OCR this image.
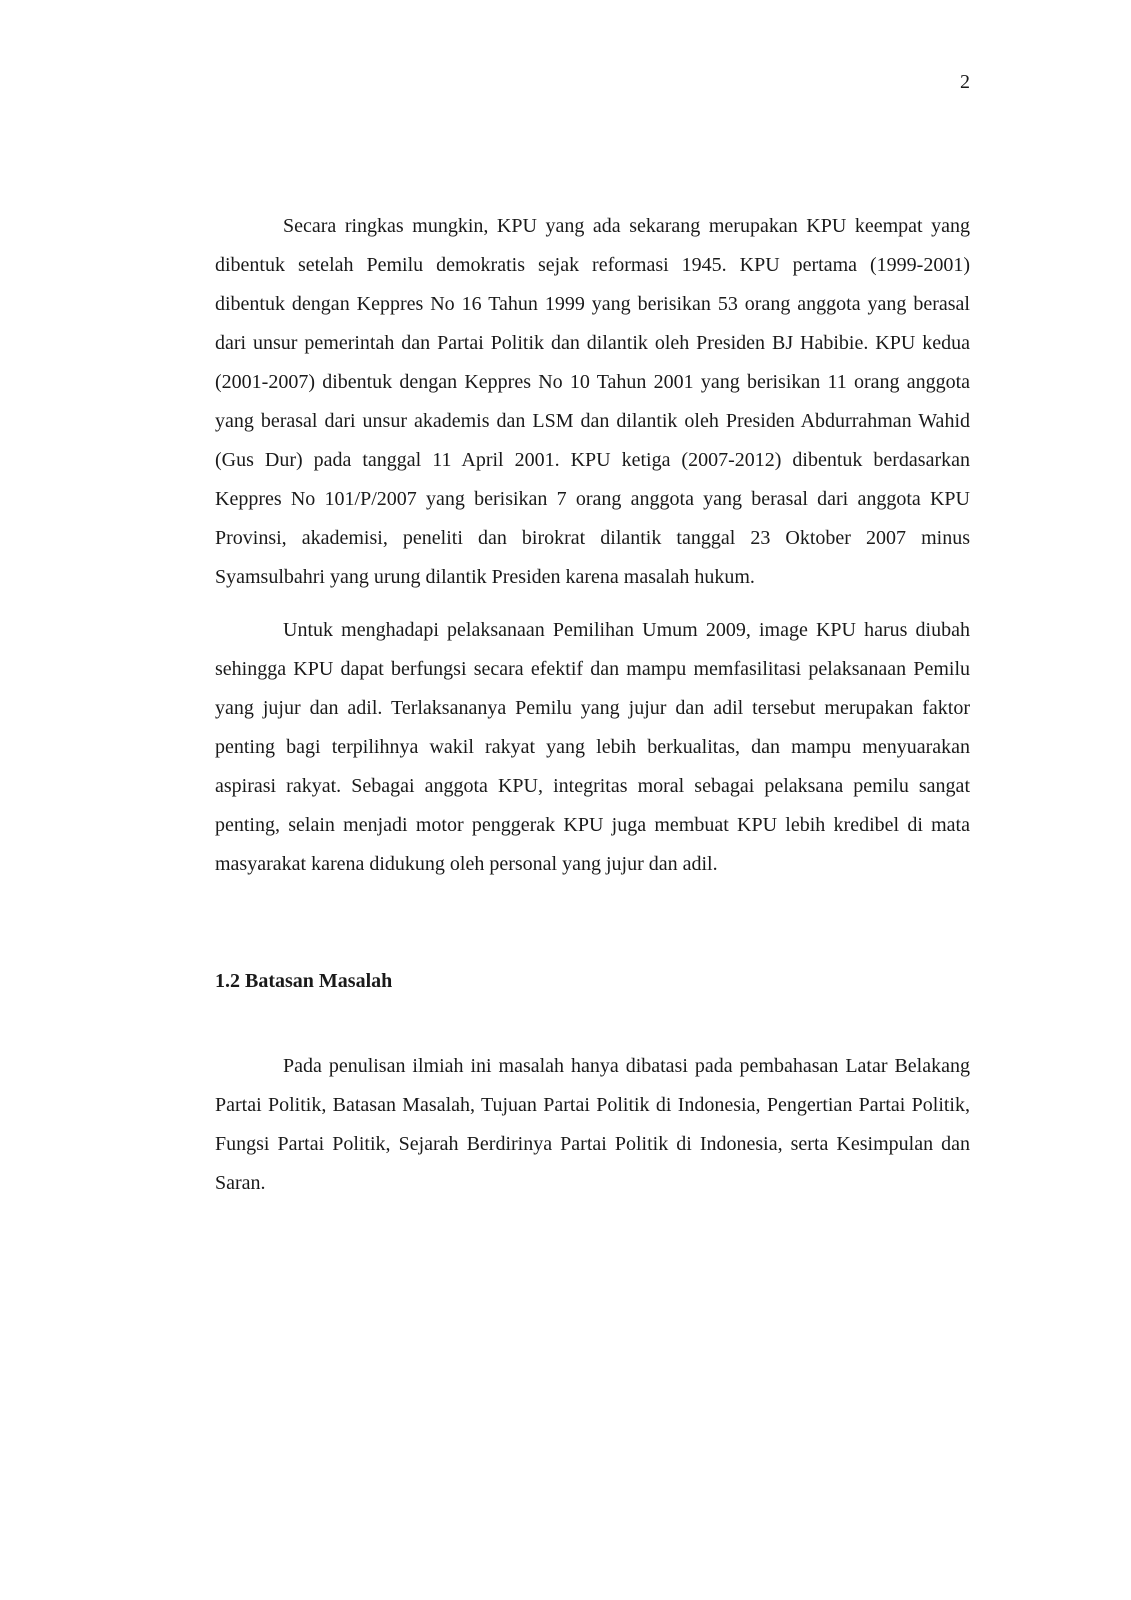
2

Secara ringkas mungkin, KPU yang ada sekarang merupakan KPU keempat yang dibentuk setelah Pemilu demokratis sejak reformasi 1945. KPU pertama (1999-2001) dibentuk dengan Keppres No 16 Tahun 1999 yang berisikan 53 orang anggota yang berasal dari unsur pemerintah dan Partai Politik dan dilantik oleh Presiden BJ Habibie. KPU kedua (2001-2007) dibentuk dengan Keppres No 10 Tahun 2001 yang berisikan 11 orang anggota yang berasal dari unsur akademis dan LSM dan dilantik oleh Presiden Abdurrahman Wahid (Gus Dur) pada tanggal 11 April 2001. KPU ketiga (2007-2012) dibentuk berdasarkan Keppres No 101/P/2007 yang berisikan 7 orang anggota yang berasal dari anggota KPU Provinsi, akademisi, peneliti dan birokrat dilantik tanggal 23 Oktober 2007 minus Syamsulbahri yang urung dilantik Presiden karena masalah hukum.

Untuk menghadapi pelaksanaan Pemilihan Umum 2009, image KPU harus diubah sehingga KPU dapat berfungsi secara efektif dan mampu memfasilitasi pelaksanaan Pemilu yang jujur dan adil. Terlaksananya Pemilu yang jujur dan adil tersebut merupakan faktor penting bagi terpilihnya wakil rakyat yang lebih berkualitas, dan mampu menyuarakan aspirasi rakyat. Sebagai anggota KPU, integritas moral sebagai pelaksana pemilu sangat penting, selain menjadi motor penggerak KPU juga membuat KPU lebih kredibel di mata masyarakat karena didukung oleh personal yang jujur dan adil.

1.2 Batasan Masalah

Pada penulisan ilmiah ini masalah hanya dibatasi pada pembahasan Latar Belakang Partai Politik, Batasan Masalah, Tujuan Partai Politik di Indonesia, Pengertian Partai Politik, Fungsi Partai Politik, Sejarah Berdirinya Partai Politik di Indonesia, serta Kesimpulan dan Saran.
